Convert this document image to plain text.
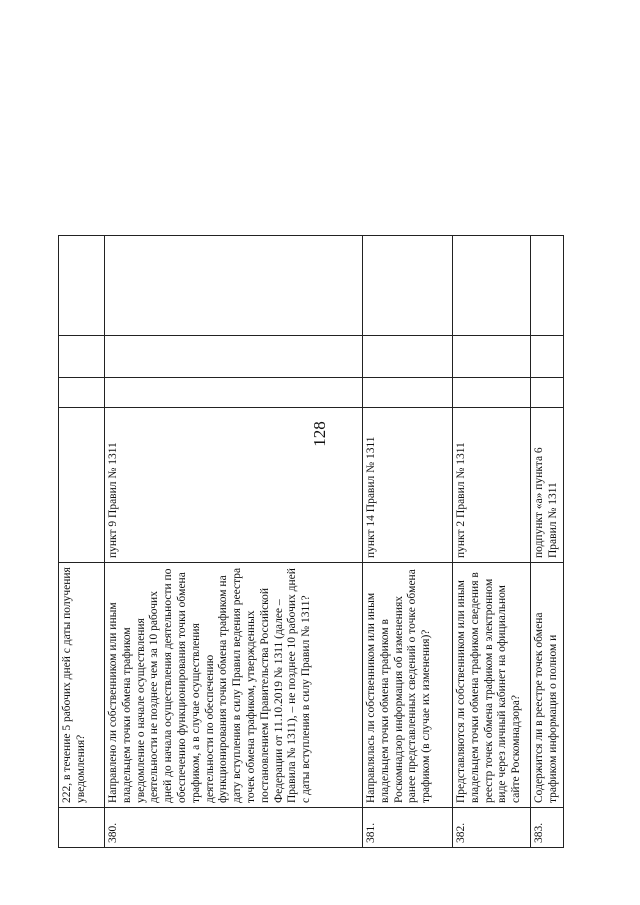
128
	222, в течение 5 рабочих дней с даты получения уведомления?					
380.	Направлено ли собственником или иным владельцем точки обмена трафиком уведомление о начале осуществления деятельности не позднее чем за 10 рабочих дней до начала осуществления деятельности по обеспечению функционирования точки обмена трафиком, а в случае осуществления деятельности по обеспечению функционирования точки обмена трафиком на дату вступления в силу Правил ведения реестра точек обмена трафиком, утвержденных постановлением Правительства Российской Федерации от 11.10.2019 № 1311 (далее – Правила № 1311), – не позднее 10 рабочих дней с даты вступления в силу Правил № 1311?	пункт 9 Правил № 1311				
381.	Направлялась ли собственником или иным владельцем точки обмена трафиком в Роскомнадзор информация об изменениях ранее представленных сведений о точке обмена трафиком (в случае их изменения)?	пункт 14 Правил № 1311				
382.	Представляются ли собственником или иным владельцем точки обмена трафиком сведения в реестр точек обмена трафиком в электронном виде через личный кабинет на официальном сайте Роскомнадзора?	пункт 2 Правил № 1311				
383.	Содержится ли в реестре точек обмена трафиком информация о полном и	подпункт «а» пункта 6 Правил № 1311				
